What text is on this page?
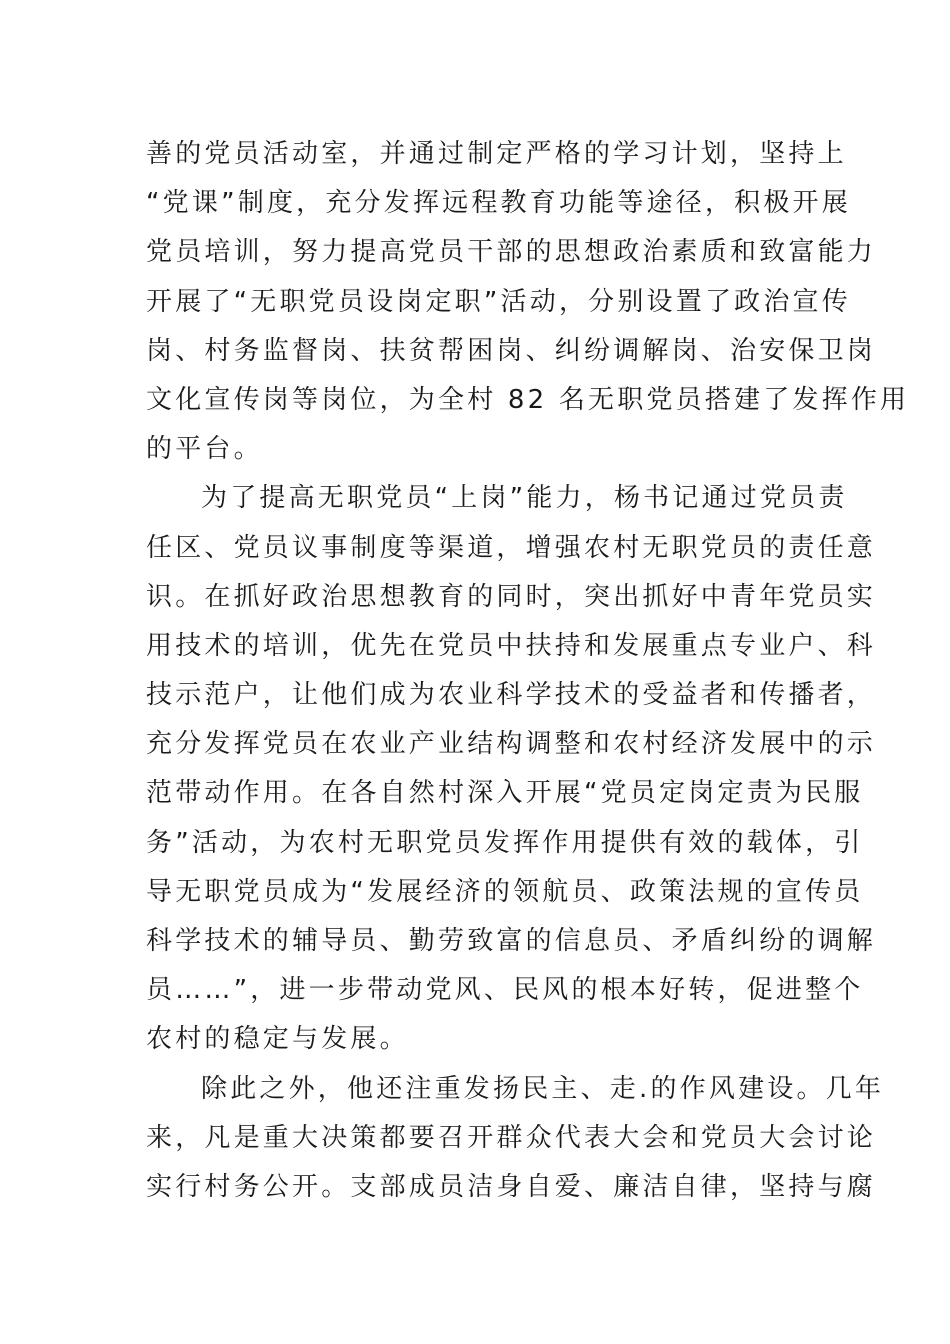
善的党员活动室，并通过制定严格的学习计划，坚持上
“党课”制度，充分发挥远程教育功能等途径，积极开展
党员培训，努力提高党员干部的思想政治素质和致富能力
开展了“无职党员设岗定职”活动，分别设置了政治宣传
岗、村务监督岗、扶贫帮困岗、纠纷调解岗、治安保卫岗
文化宣传岗等岗位，为全村 82 名无职党员搭建了发挥作用
的平台。
为了提高无职党员“上岗”能力，杨书记通过党员责
任区、党员议事制度等渠道，增强农村无职党员的责任意
识。在抓好政治思想教育的同时，突出抓好中青年党员实
用技术的培训，优先在党员中扶持和发展重点专业户、科
技示范户，让他们成为农业科学技术的受益者和传播者，
充分发挥党员在农业产业结构调整和农村经济发展中的示
范带动作用。在各自然村深入开展“党员定岗定责为民服
务”活动，为农村无职党员发挥作用提供有效的载体，引
导无职党员成为“发展经济的领航员、政策法规的宣传员
科学技术的辅导员、勤劳致富的信息员、矛盾纠纷的调解
员……”，进一步带动党风、民风的根本好转，促进整个
农村的稳定与发展。
除此之外，他还注重发扬民主、走.的作风建设。几年
来，凡是重大决策都要召开群众代表大会和党员大会讨论
实行村务公开。支部成员洁身自爱、廉洁自律，坚持与腐
